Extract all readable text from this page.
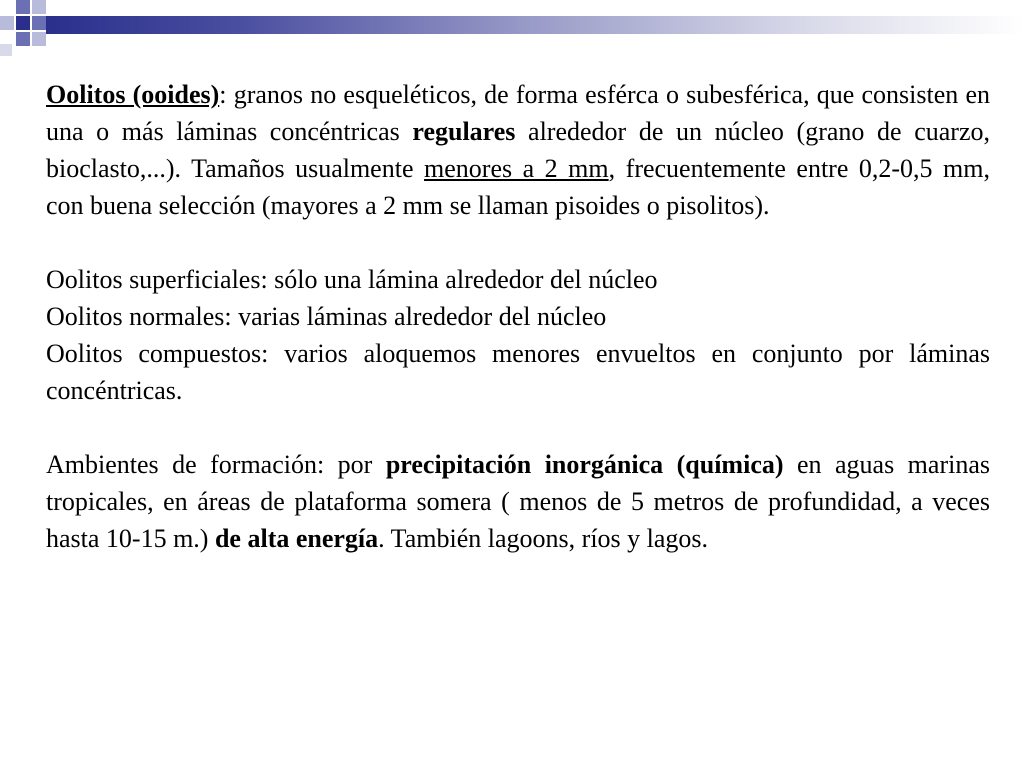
Oolitos (ooides): granos no esqueléticos, de forma esférca o subesférica, que consisten en una o más láminas concéntricas regulares alrededor de un núcleo (grano de cuarzo, bioclasto,...). Tamaños usualmente menores a 2 mm, frecuentemente entre 0,2-0,5 mm, con buena selección (mayores a 2 mm se llaman pisoides o pisolitos).

Oolitos superficiales: sólo una lámina alrededor del núcleo

Oolitos normales: varias láminas alrededor del núcleo

Oolitos compuestos: varios aloquemos menores envueltos en conjunto por láminas concéntricas.

Ambientes de formación: por precipitación inorgánica (química) en aguas marinas tropicales, en áreas de plataforma somera ( menos de 5 metros de profundidad, a veces hasta 10-15 m.) de alta energía. También lagoons, ríos y lagos.
